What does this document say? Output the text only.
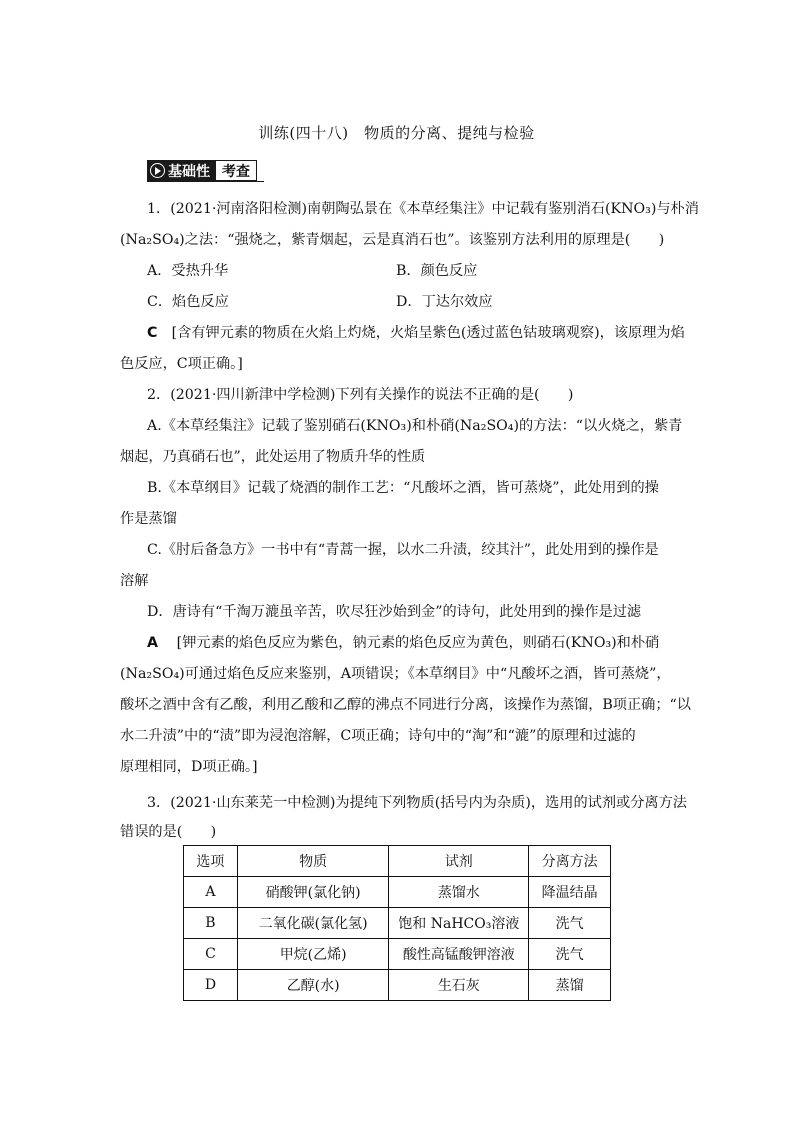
训练(四十八)　物质的分离、提纯与检验
基础性 考查
1．(2021·河南洛阳检测)南朝陶弘景在《本草经集注》中记载有鉴别消石(KNO₃)与朴消
(Na₂SO₄)之法：“强烧之，紫青烟起，云是真消石也”。该鉴别方法利用的原理是(　　)
A．受热升华	B．颜色反应
C．焰色反应	D．丁达尔效应
C　[含有钾元素的物质在火焰上灼烧，火焰呈紫色(透过蓝色钴玻璃观察)，该原理为焰
色反应，C项正确。]
2．(2021·四川新津中学检测)下列有关操作的说法不正确的是(　　)
A.《本草经集注》记载了鉴别硝石(KNO₃)和朴硝(Na₂SO₄)的方法：“以火烧之，紫青
烟起，乃真硝石也”，此处运用了物质升华的性质
B.《本草纲目》记载了烧酒的制作工艺：“凡酸坏之酒，皆可蒸烧”，此处用到的操
作是蒸馏
C.《肘后备急方》一书中有“青蒿一握，以水二升渍，绞其汁”，此处用到的操作是
溶解
D．唐诗有“千淘万漉虽辛苦，吹尽狂沙始到金”的诗句，此处用到的操作是过滤
A　 [钾元素的焰色反应为紫色，钠元素的焰色反应为黄色，则硝石(KNO₃)和朴硝
(Na₂SO₄)可通过焰色反应来鉴别，A项错误；《本草纲目》中“凡酸坏之酒，皆可蒸烧”，
酸坏之酒中含有乙酸，利用乙酸和乙醇的沸点不同进行分离，该操作为蒸馏，B项正确；“以
水二升渍”中的“渍”即为浸泡溶解，C项正确；诗句中的“淘”和“漉”的原理和过滤的
原理相同，D项正确。]
3．(2021·山东莱芜一中检测)为提纯下列物质(括号内为杂质)，选用的试剂或分离方法
错误的是(　　)
选项	物质	试剂	分离方法
A	硝酸钾(氯化钠)	蒸馏水	降温结晶
B	二氧化碳(氯化氢)	饱和 NaHCO₃溶液	洗气
C	甲烷(乙烯)	酸性高锰酸钾溶液	洗气
D	乙醇(水)	生石灰	蒸馏
